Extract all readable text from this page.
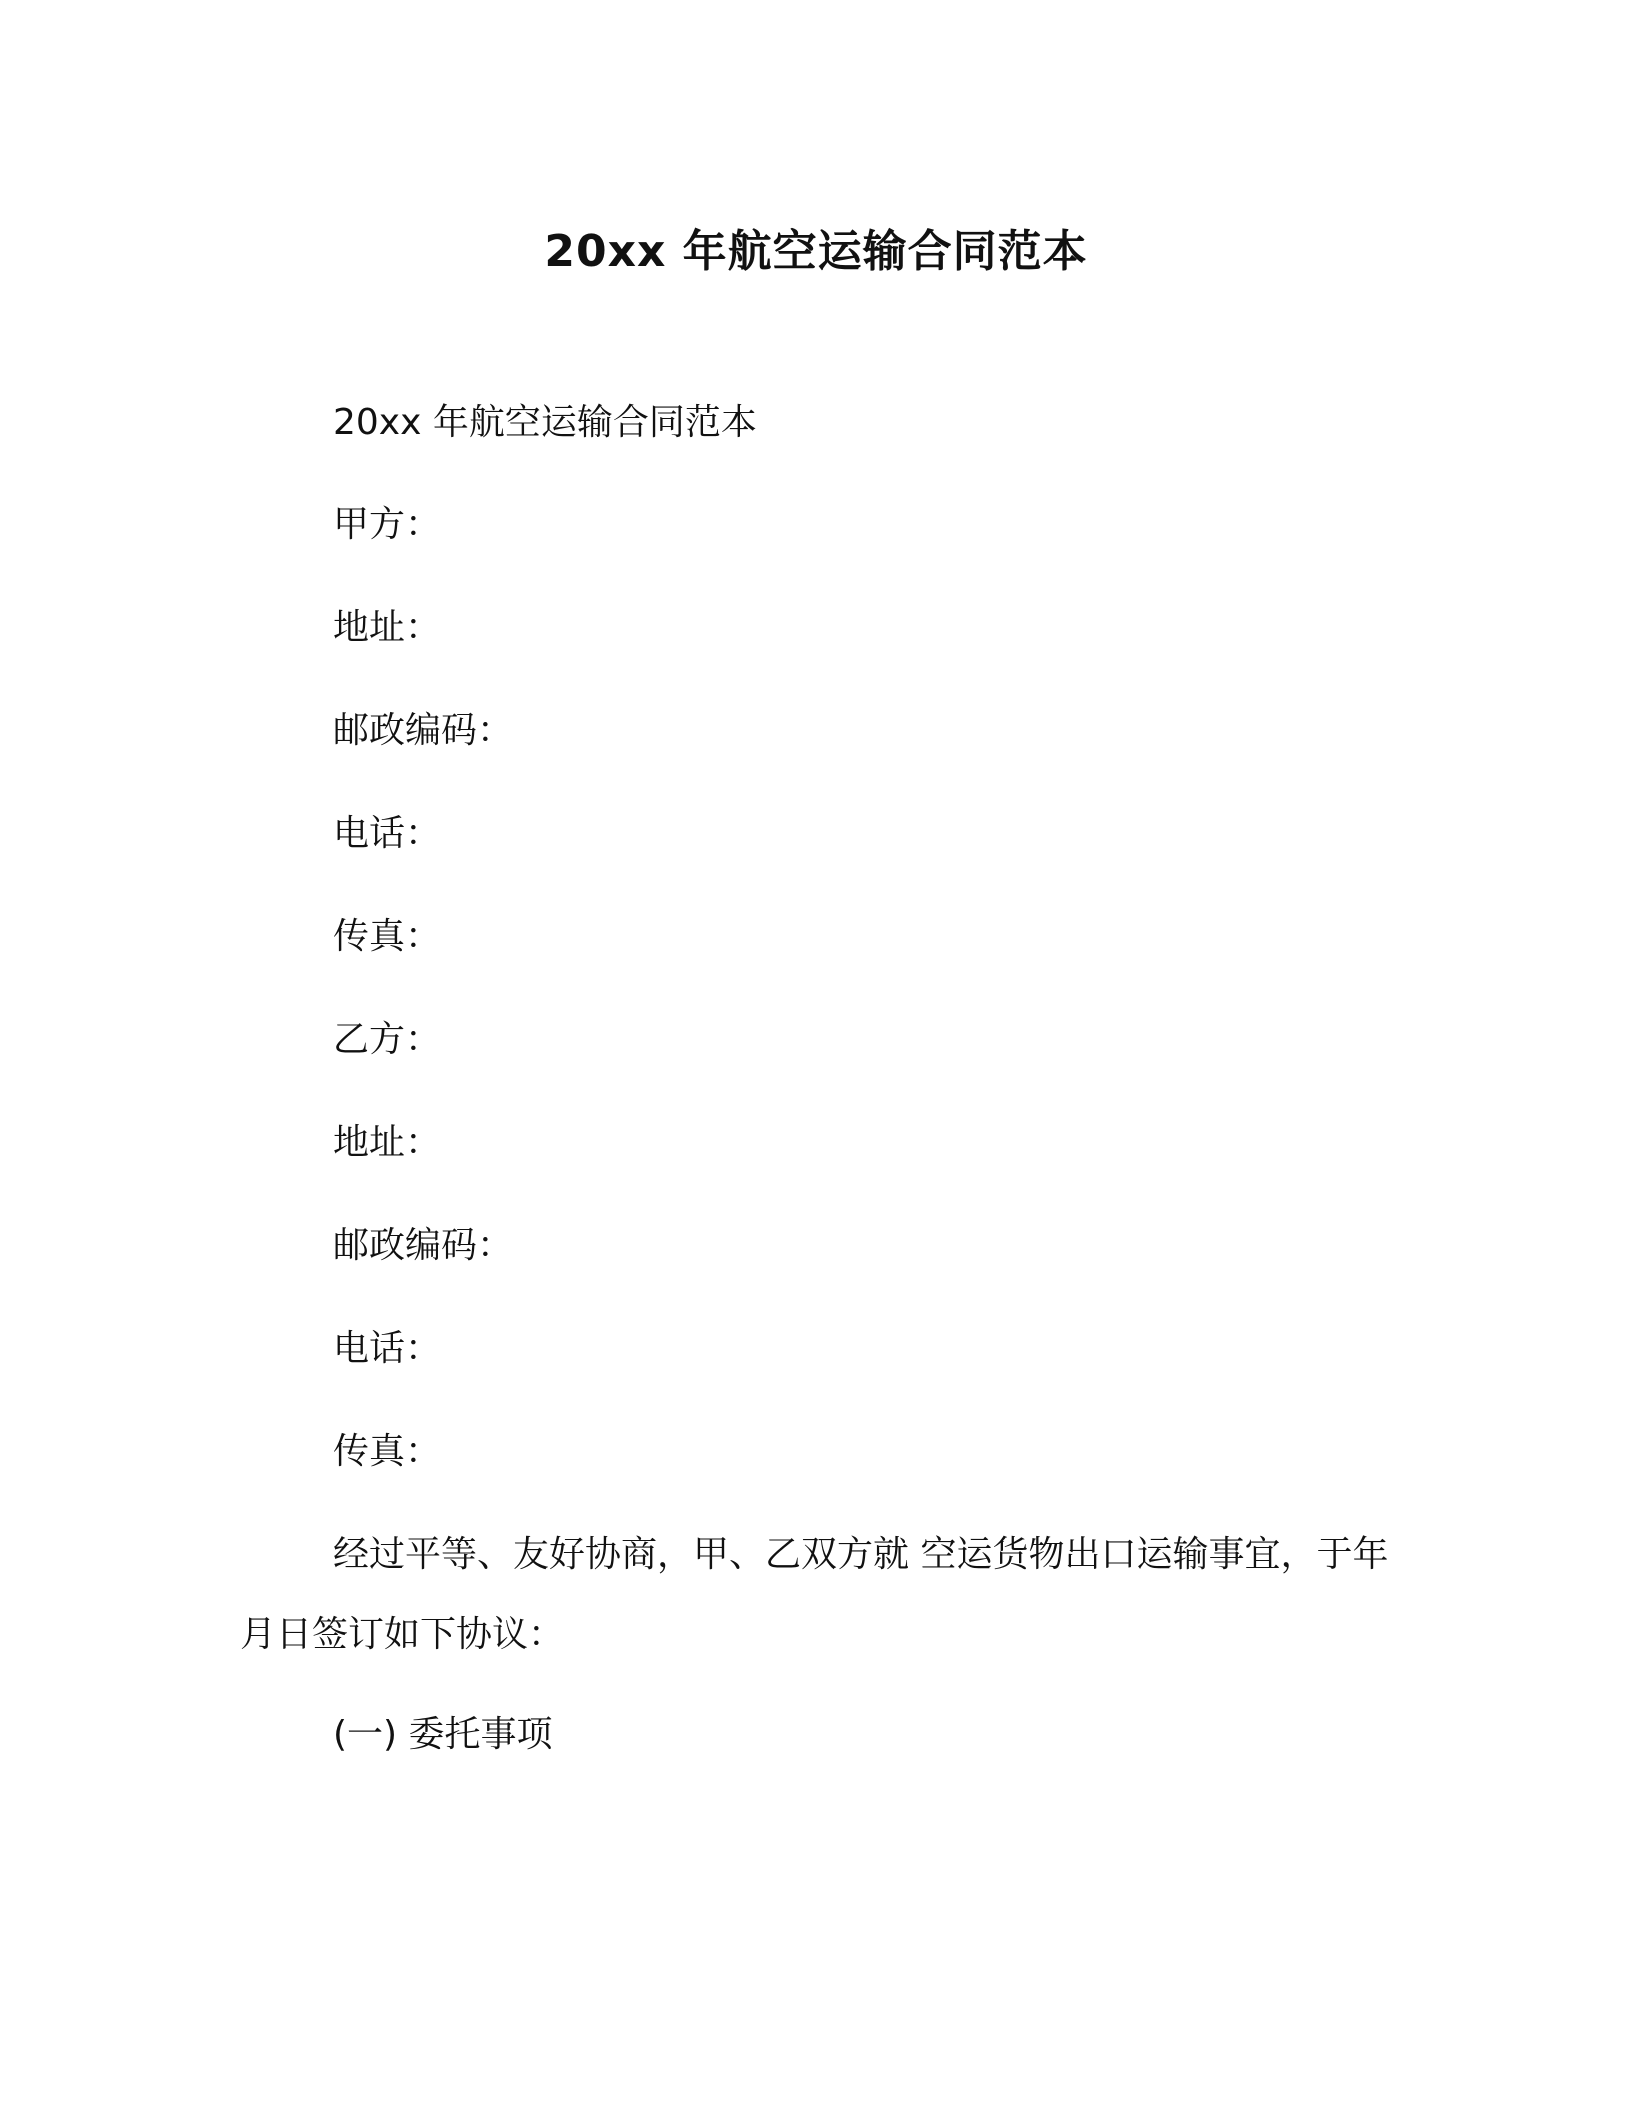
20xx 年航空运输合同范本
20xx 年航空运输合同范本
甲方：
地址：
邮政编码：
电话：
传真：
乙方：
地址：
邮政编码：
电话：
传真：
经过平等、友好协商，甲、乙双方就 空运货物出口运输事宜，于年月日签订如下协议：
(一) 委托事项
